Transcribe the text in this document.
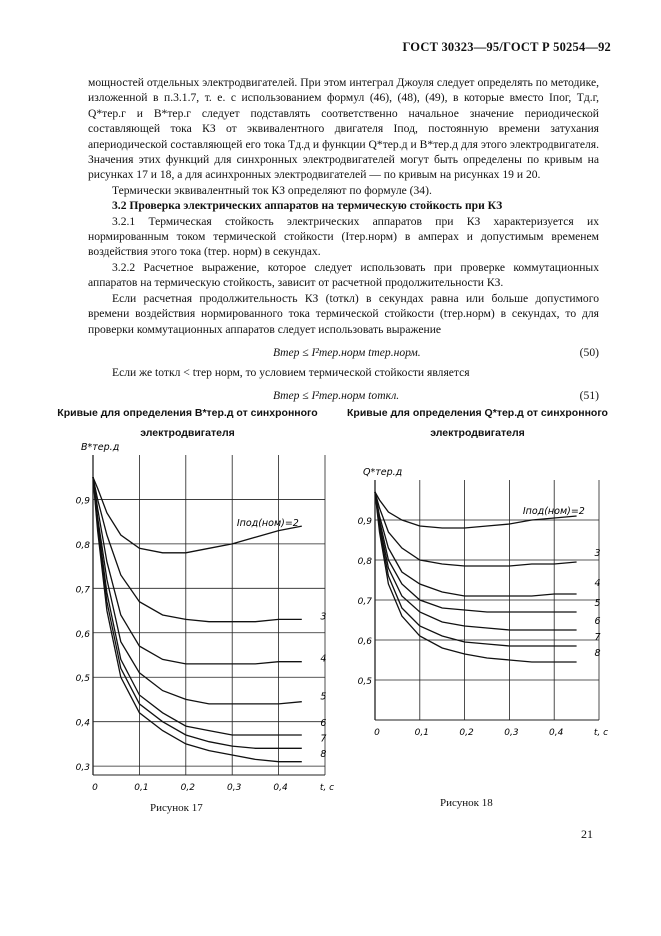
ГОСТ 30323—95/ГОСТ Р 50254—92

мощностей отдельных электродвигателей. При этом интеграл Джоуля следует определять по методике, изложенной в п.3.1.7, т. е. с использованием формул (46), (48), (49), в которые вместо Iпог, Тд.г, Q*тер.г и B*тер.г следует подставлять соответственно начальное значение периодической составляющей тока КЗ от эквивалентного двигателя Iпод, постоянную времени затухания апериодической составляющей его тока Тд.д и функции Q*тер.д и B*тер.д для этого электродвигателя. Значения этих функций для синхронных электродвигателей могут быть определены по кривым на рисунках 17 и 18, а для асинхронных электродвигателей — по кривым на рисунках 19 и 20.

Термически эквивалентный ток КЗ определяют по формуле (34).

3.2 Проверка электрических аппаратов на термическую стойкость при КЗ

3.2.1 Термическая стойкость электрических аппаратов при КЗ характеризуется их нормированным током термической стойкости (Iтер.норм) в амперах и допустимым временем воздействия этого тока (tтер. норм) в секундах.

3.2.2 Расчетное выражение, которое следует использовать при проверке коммутационных аппаратов на термическую стойкость, зависит от расчетной продолжительности КЗ.

Если расчетная продолжительность КЗ (tоткл) в секундах равна или больше допустимого времени воздействия нормированного тока термической стойкости (tтер.норм) в секундах, то для проверки коммутационных аппаратов следует использовать выражение

Bтер ≤ I²тер.норм tтер.норм.	(50)

Если же tоткл < tтер норм, то условием термической стойкости является

Bтер ≤ I²тер.норм tоткл.	(51)
Кривые для определения B*тер.д от синхронного
электродвигателя
0,9
0,8
0,7
0,6
0,5
0,4
0,3
0	0,1	0,2	0,3	0,4	t, c
B*тер.д
Iпод(ном)=2
3
4
5
6
7
8
Рисунок 17
Кривые для определения Q*тер.д от синхронного
электродвигателя
0,9
0,8
0,7
0,6
0,5
0	0,1	0,2	0,3	0,4	t, c
Q*тер.д
Iпод(ном)=2
3
4
5
6
7
8
Рисунок 18
21
